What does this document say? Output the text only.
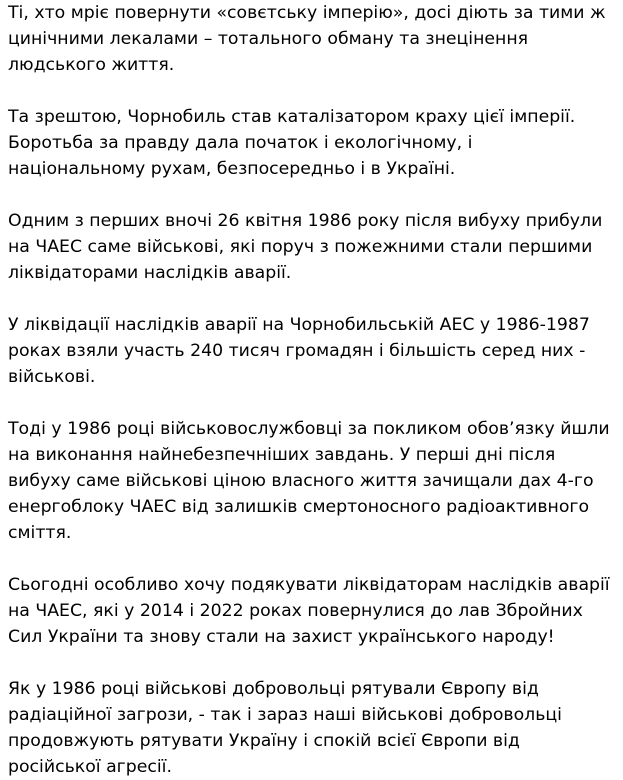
Ті, хто мріє повернути «совєтську імперію», досі діють за тими ж
цинічними лекалами – тотального обману та знецінення
людського життя.

Та зрештою, Чорнобиль став каталізатором краху цієї імперії.
Боротьба за правду дала початок і екологічному, і
національному рухам, безпосередньо і в Україні.

Одним з перших вночі 26 квітня 1986 року після вибуху прибули
на ЧАЕС саме військові, які поруч з пожежними стали першими
ліквідаторами наслідків аварії.

У ліквідації наслідків аварії на Чорнобильській АЕС у 1986-1987
роках взяли участь 240 тисяч громадян і більшість серед них -
військові.

Тоді у 1986 році військовослужбовці за покликом обов’язку йшли
на виконання найнебезпечніших завдань. У перші дні після
вибуху саме військові ціною власного життя зачищали дах 4-го
енергоблоку ЧАЕС від залишків смертоносного радіоактивного
сміття.

Сьогодні особливо хочу подякувати ліквідаторам наслідків аварії
на ЧАЕС, які у 2014 і 2022 роках повернулися до лав Збройних
Сил України та знову стали на захист українського народу!

Як у 1986 році військові добровольці рятували Європу від
радіаційної загрози, - так і зараз наші військові добровольці
продовжують рятувати Україну і спокій всієї Європи від
російської агресії.
